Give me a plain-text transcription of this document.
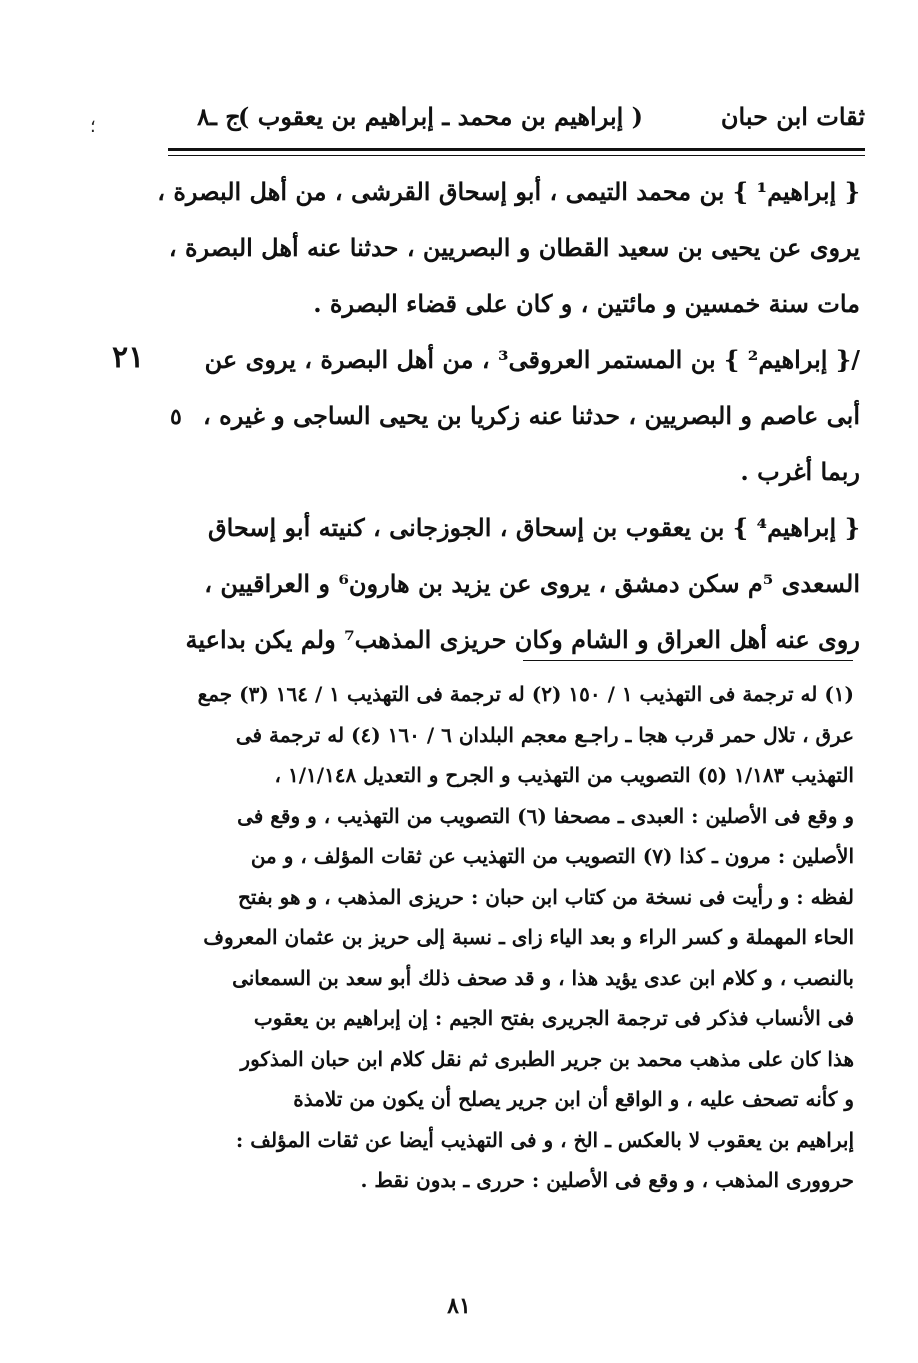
؛	ثقات ابن حبان
( إبراهيم بن محمد ـ إبراهيم بن يعقوب )
ج ـ٨
٢١
٥

{ إبراهيم¹ } بن محمد التيمى ، أبو إسحاق القرشى ، من أهل البصرة ،
يروى عن يحيى بن سعيد القطان و البصريين ، حدثنا عنه أهل البصرة ،
مات سنة خمسين و مائتين ، و كان على قضاء البصرة .

/{ إبراهيم² } بن المستمر العروقى³ ، من أهل البصرة ، يروى عن
أبى عاصم و البصريين ، حدثنا عنه زكريا بن يحيى الساجى و غيره ،
ربما أغرب .

{ إبراهيم⁴ } بن يعقوب بن إسحاق ، الجوزجانى ، كنيته أبو إسحاق
السعدى ⁵م سكن دمشق ، يروى عن يزيد بن هارون⁶ و العراقيين ،
روى عنه أهل العراق و الشام وكان حريزى المذهب⁷ ولم يكن بداعية

(١) له ترجمة فى التهذيب ١ / ١٥٠ (٢) له ترجمة فى التهذيب ١ / ١٦٤ (٣) جمع
عرق ، تلال حمر قرب هجا ـ راجـع معجم البلدان ٦ / ١٦٠ (٤) له ترجمة فى
التهذيب ١/١٨٣ (٥) التصويب من التهذيب و الجرح و التعديل ١/١/١٤٨ ،
و وقع فى الأصلين : العبدى ـ مصحفا (٦) التصويب من التهذيب ، و وقع فى
الأصلين : مرون ـ كذا (٧) التصويب من التهذيب عن ثقات المؤلف ، و من
لفظه : و رأيت فى نسخة من كتاب ابن حبان : حريزى المذهب ، و هو بفتح
الحاء المهملة و كسر الراء و بعد الياء زاى ـ نسبة إلى حريز بن عثمان المعروف
بالنصب ، و كلام ابن عدى يؤيد هذا ، و قد صحف ذلك أبو سعد بن السمعانى
فى الأنساب فذكر فى ترجمة الجريرى بفتح الجيم : إن إبراهيم بن يعقوب
هذا كان على مذهب محمد بن جرير الطبرى ثم نقل كلام ابن حبان المذكور
و كأنه تصحف عليه ، و الواقع أن ابن جرير يصلح أن يكون من تلامذة
إبراهيم بن يعقوب لا بالعكس ـ الخ ، و فى التهذيب أيضا عن ثقات المؤلف :
حروورى المذهب ، و وقع فى الأصلين : حررى ـ بدون نقط .
٨١
